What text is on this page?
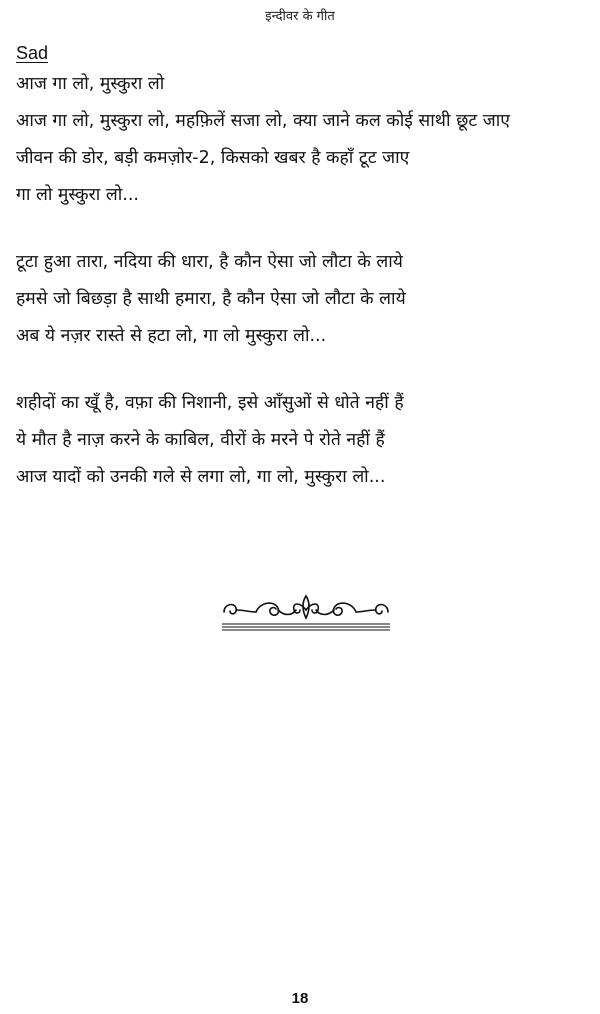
इन्दीवर के गीत

Sad

आज गा लो, मुस्कुरा लो

आज गा लो, मुस्कुरा लो, महफ़िलें सजा लो, क्या जाने कल कोई साथी छूट जाए

जीवन की डोर, बड़ी कमज़ोर-2, किसको खबर है कहाँ टूट जाए

गा लो मुस्कुरा लो...

टूटा हुआ तारा, नदिया की धारा, है कौन ऐसा जो लौटा के लाये

हमसे जो बिछड़ा है साथी हमारा, है कौन ऐसा जो लौटा के लाये

अब ये नज़र रास्ते से हटा लो, गा लो मुस्कुरा लो...

शहीदों का खूँ है, वफ़ा की निशानी, इसे आँसुओं से धोते नहीं हैं

ये मौत है नाज़ करने के काबिल, वीरों के मरने पे रोते नहीं हैं

आज यादों को उनकी गले से लगा लो, गा लो, मुस्कुरा लो...

18
